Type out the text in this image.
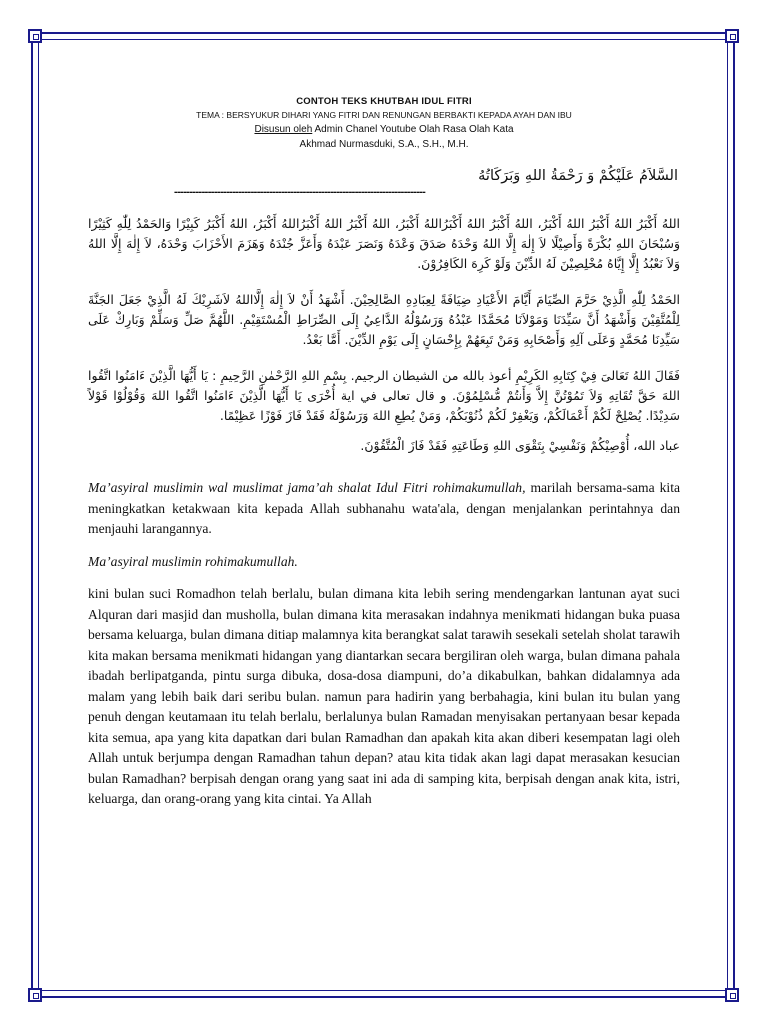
CONTOH TEKS KHUTBAH IDUL FITRI
TEMA : BERSYUKUR DIHARI YANG FITRI DAN RENUNGAN BERBAKTI KEPADA AYAH DAN IBU
Disusun oleh Admin Chanel Youtube Olah Rasa Olah Kata
Akhmad Nurmasduki, S.A., S.H., M.H.
السَّلاَمُ عَلَيْكُمْ وَ رَحْمَةُ اللهِ وَبَرَكَاتُهُ
----------------------------------------------------------------------------------
اللهُ أَكْبَرُ اللهُ أَكْبَرُ اللهُ أَكْبَرُ، اللهُ أَكْبَرُ اللهُ أَكْبَرُاللهُ أَكْبَرُ، اللهُ أَكْبَرُ اللهُ أَكْبَرُاللهُ أَكْبَرُ، اللهُ أَكْبَرُ كَبِيْرًا وَالحَمْدُ لِلّٰهِ كَثِيْرًا وَسُبْحَانَ اللهِ بُكْرَةً وَأَصِيْلًا لاَ إِلٰهَ إِلَّا اللهُ وَحْدَهُ صَدَقَ وَعْدَهُ وَنَصَرَ عَبْدَهُ وَأَعَزَّ جُنْدَهُ وَهَزَمَ الأَحْزَابَ وَحْدَهُ، لاَ إِلٰهَ إِلَّا اللهُ وَلاَ نَعْبُدُ إِلَّا إِيَّاهُ مُخْلِصِيْنَ لَهُ الدِّيْنَ وَلَوْ كَرِهَ الكَافِرُوْنَ.
الحَمْدُ لِلّٰهِ الَّذِيْ حَرَّمَ الصِّيَامَ أَيَّامَ الأَعْيَادِ ضِيَافَةً لِعِبَادِهِ الصَّالِحِيْنَ. أَشْهَدُ أَنْ لاَ إِلٰهَ إِلَّااللهُ لاَشَرِيْكَ لَهُ الَّذِيْ جَعَلَ الجَنَّةَ لِلْمُتَّقِيْنَ وَأَشْهَدُ أَنَّ سَيِّدَنَا وَمَوْلاَنَا مُحَمَّدًا عَبْدُهُ وَرَسُوْلُهُ الدَّاعِيُ إِلَى الصِّرَاطِ الْمُسْتَقِيْمِ. اللَّهُمَّ صَلِّ وَسَلِّمْ وَبَارِكْ عَلَى سَيِّدِنَا مُحَمَّدٍ وَعَلَى آلِهِ وَأَصْحَابِهِ وَمَنْ تَبِعَهُمْ بِإِحْسَانٍ إِلَى يَوْمِ الدِّيْنَ. أَمَّا بَعْدُ.
فَقَالَ اللهُ تَعَالىَ فِيْ كِتَابِهِ الكَرِيْمِ أعوذ بالله من الشيطان الرجيم. بِسْمِ اللهِ الرَّحْمٰنِ الرَّحِيمِ : يَا أَيُّهَا الَّذِيْنَ ءَامَنُوا اتَّقُوا اللهَ حَقَّ تُقَاتِهِ وَلاَ تَمُوْتُنَّ إِلاَّ وَأَنتُمْ مُّسْلِمُوْنَ. و قال تعالى في اية أُخْرَى يَا أَيُّهَا الَّذِيْنَ ءَامَنُوا اتَّقُوا اللهَ وَقُوْلُوْا قَوْلاً سَدِيْدًا. يُصْلِحْ لَكُمْ أَعْمَالَكُمْ، وَيَغْفِرْ لَكُمْ ذُنُوْبَكُمْ، وَمَنْ يُطِعِ اللهَ وَرَسُوْلَهُ فَقَدْ فَازَ فَوْزًا عَظِيْمًا.
عباد الله، أُوْصِيْكُمْ وَنَفْسِيْ بِتَقْوَى اللهِ وَطَاعَتِهِ فَقَدْ فَازَ الْمُتَّقُوْنَ.

Ma’asyiral muslimin wal muslimat jama’ah shalat Idul Fitri rohimakumullah, marilah bersama-sama kita meningkatkan ketakwaan kita kepada Allah subhanahu wata'ala, dengan menjalankan perintahnya dan menjauhi larangannya.

Ma’asyiral muslimin rohimakumullah.

kini bulan suci Romadhon telah berlalu, bulan dimana kita lebih sering mendengarkan lantunan ayat suci Alquran dari masjid dan musholla, bulan dimana kita merasakan indahnya menikmati hidangan buka puasa bersama keluarga, bulan dimana ditiap malamnya kita berangkat salat tarawih sesekali setelah sholat tarawih kita makan bersama menikmati hidangan yang diantarkan secara bergiliran oleh warga, bulan dimana pahala ibadah berlipatganda, pintu surga dibuka, dosa-dosa diampuni, do’a dikabulkan, bahkan didalamnya ada malam yang lebih baik dari seribu bulan. namun para hadirin yang berbahagia, kini bulan itu bulan yang penuh dengan keutamaan itu telah berlalu, berlalunya bulan Ramadan menyisakan pertanyaan besar kepada kita semua, apa yang kita dapatkan dari bulan Ramadhan dan apakah kita akan diberi kesempatan lagi oleh Allah untuk berjumpa dengan Ramadhan tahun depan? atau kita tidak akan lagi dapat merasakan kesucian bulan Ramadhan? berpisah dengan orang yang saat ini ada di samping kita, berpisah dengan anak kita, istri, keluarga, dan orang-orang yang kita cintai. Ya Allah
